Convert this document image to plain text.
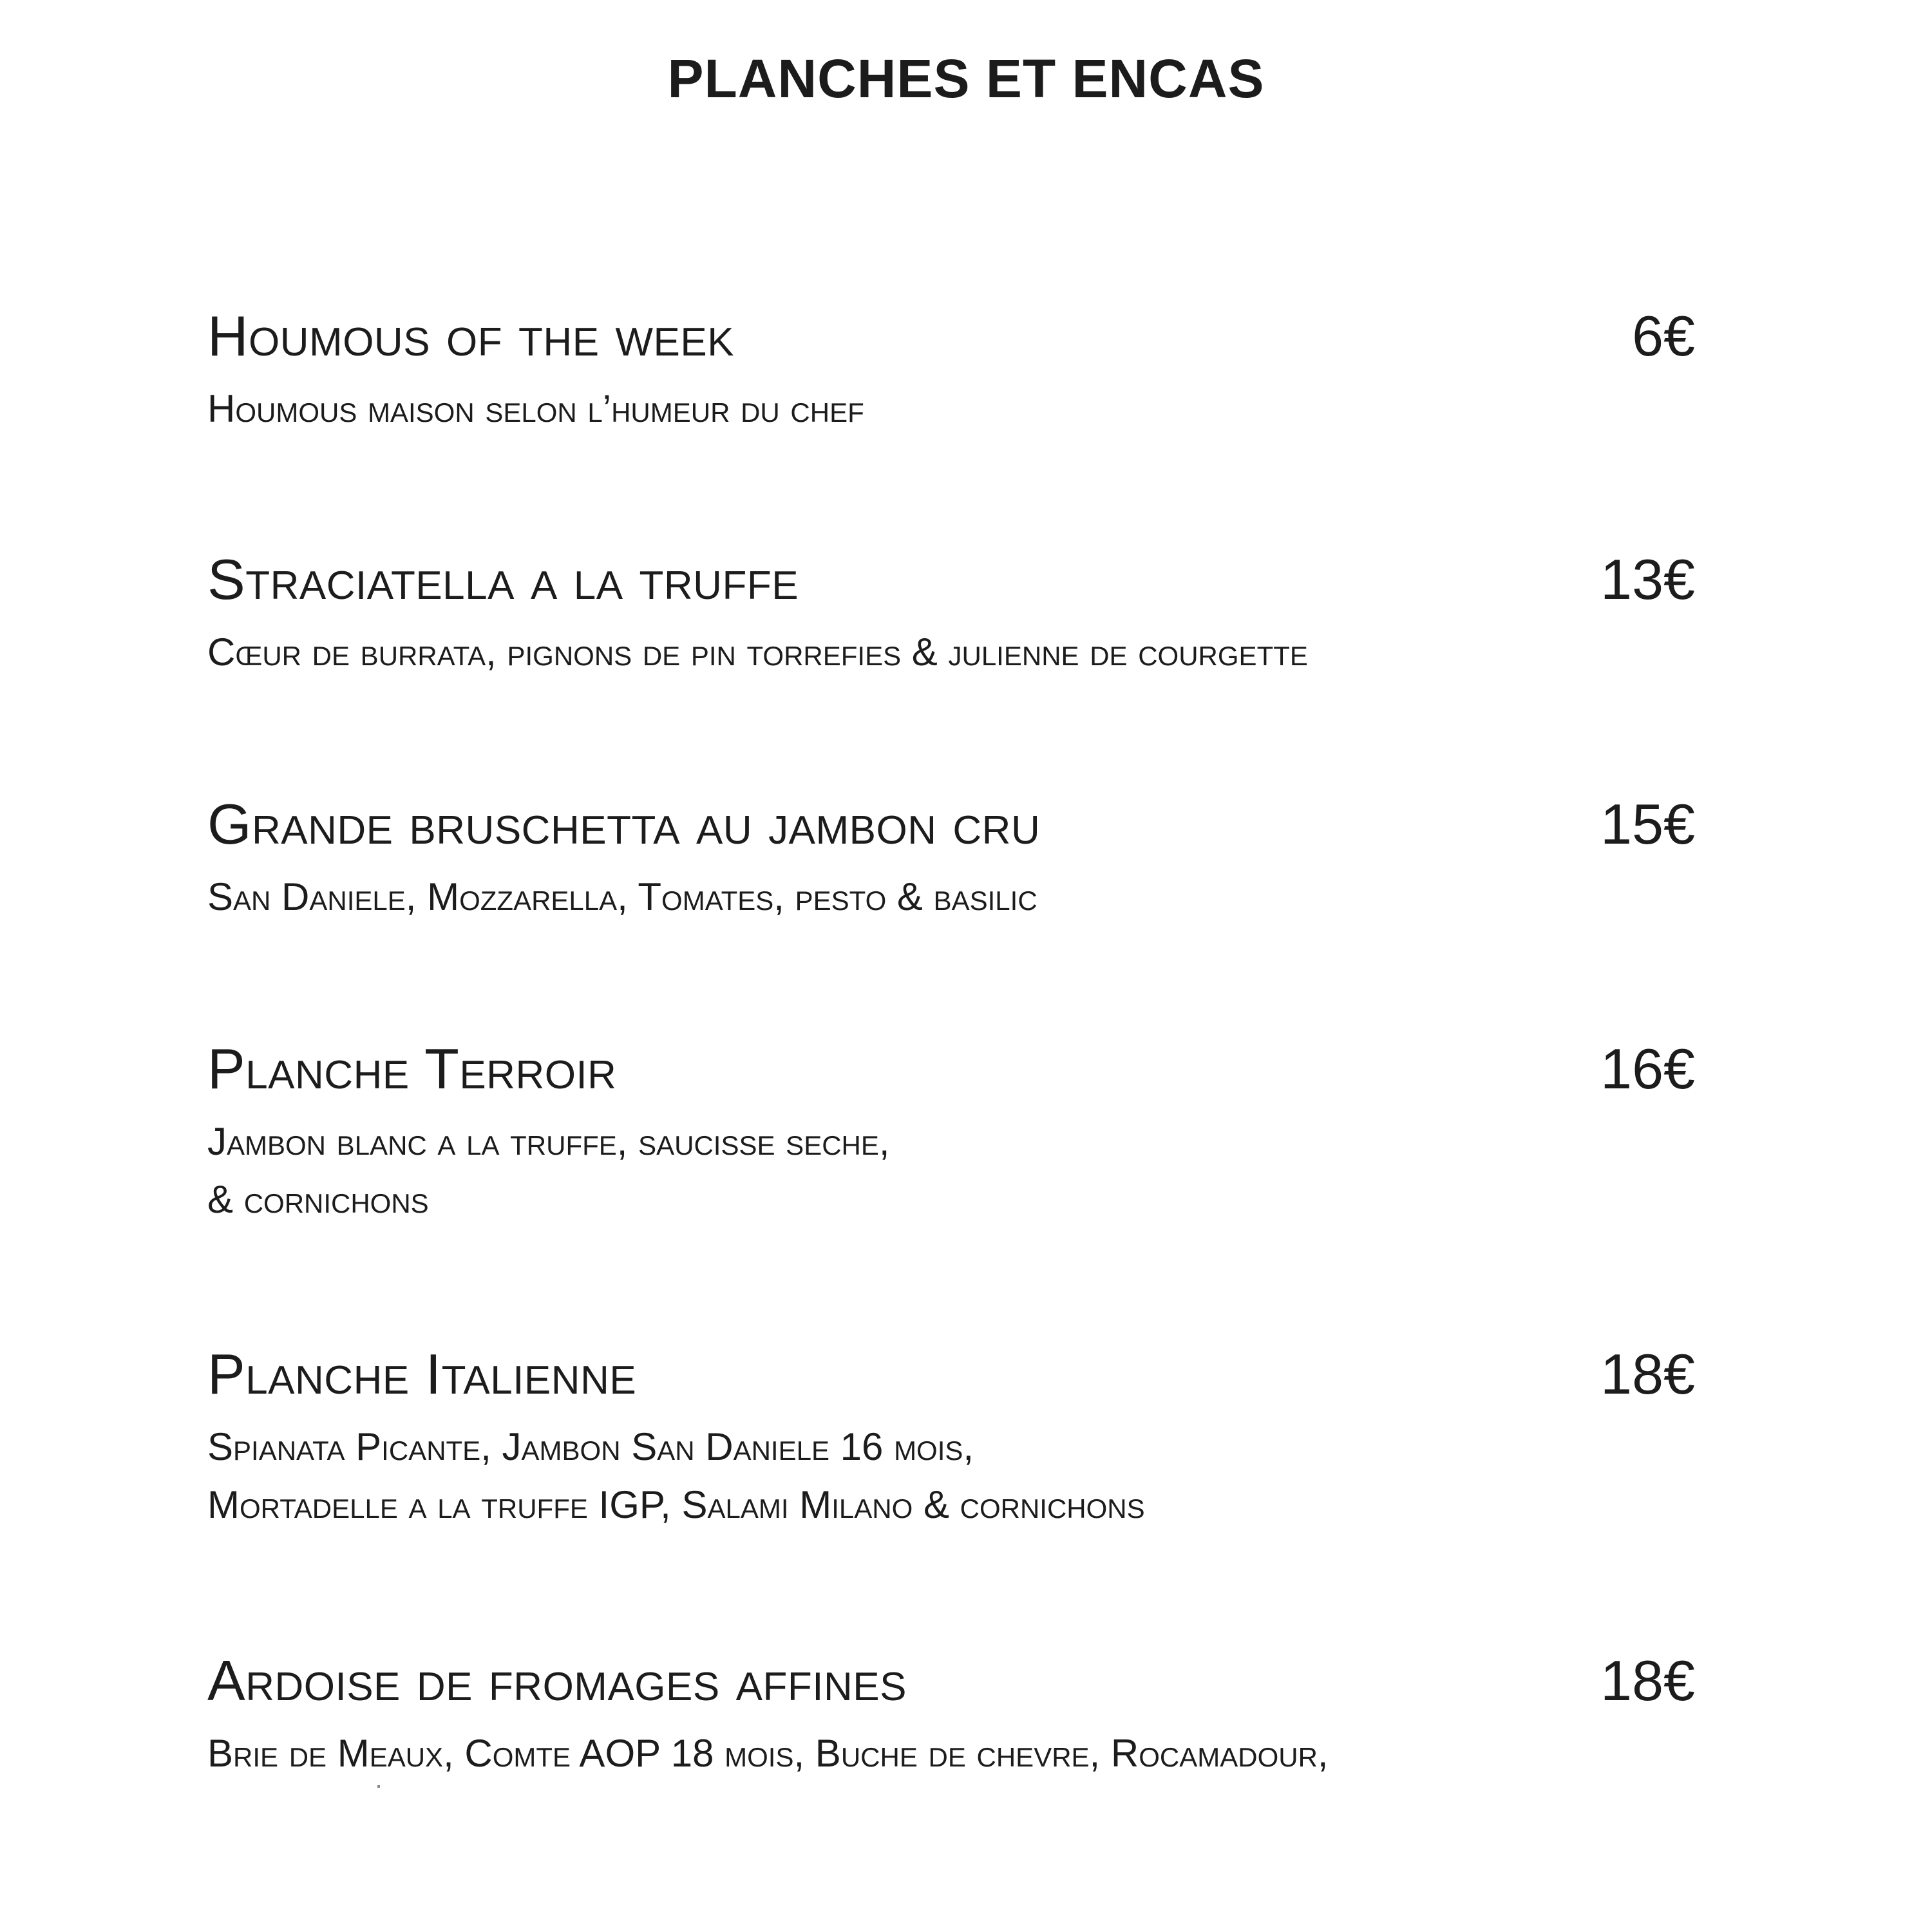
PLANCHES ET ENCAS
Houmous of the week	6€
Houmous maison selon l’humeur du chef
Straciatella a la truffe	13€
Cœur de burrata, pignons de pin torrefies & julienne de courgette
Grande bruschetta au jambon cru	15€
San Daniele, Mozzarella, Tomates, pesto & basilic
Planche Terroir	16€
Jambon blanc a la truffe, saucisse seche,
& cornichons
Planche Italienne	18€
Spianata Picante, Jambon San Daniele 16 mois,
Mortadelle a la truffe IGP, Salami Milano & cornichons
Ardoise de fromages affines	18€
Brie de Meaux, Comte AOP 18 mois, Buche de chevre, Rocamadour,
